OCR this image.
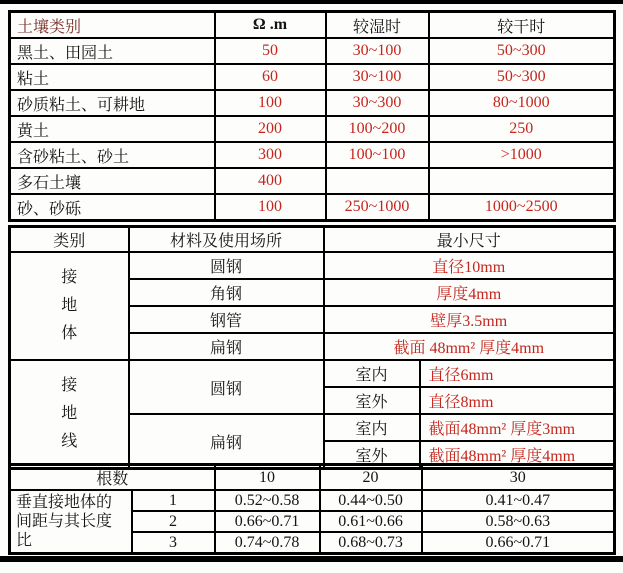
土壤类别	Ω .m	较湿时	较干时
黑土、田园土	50	30~100	50~300
粘土	60	30~100	50~300
砂质粘土、可耕地	100	30~300	80~1000
黄土	200	100~200	250
含砂粘土、砂土	300	100~100	>1000
多石土壤	400		
砂、砂砾	100	250~1000	1000~2500
类别	材料及使用场所	最小尺寸	

接地体	圆钢	直径10mm	
	角钢	厚度4mm	
	钢管	壁厚3.5mm	
	扁钢	截面 48mm² 厚度4mm	

接地线	圆钢	室内	直径6mm
		室外	直径8mm
	扁钢	室内	截面48mm² 厚度3mm
		室外	截面48mm² 厚度4mm
根数		10	20	30
垂直接地体的间距与其长度比	1	0.52~0.58	0.44~0.50	0.41~0.47
	2	0.66~0.71	0.61~0.66	0.58~0.63
	3	0.74~0.78	0.68~0.73	0.66~0.71
